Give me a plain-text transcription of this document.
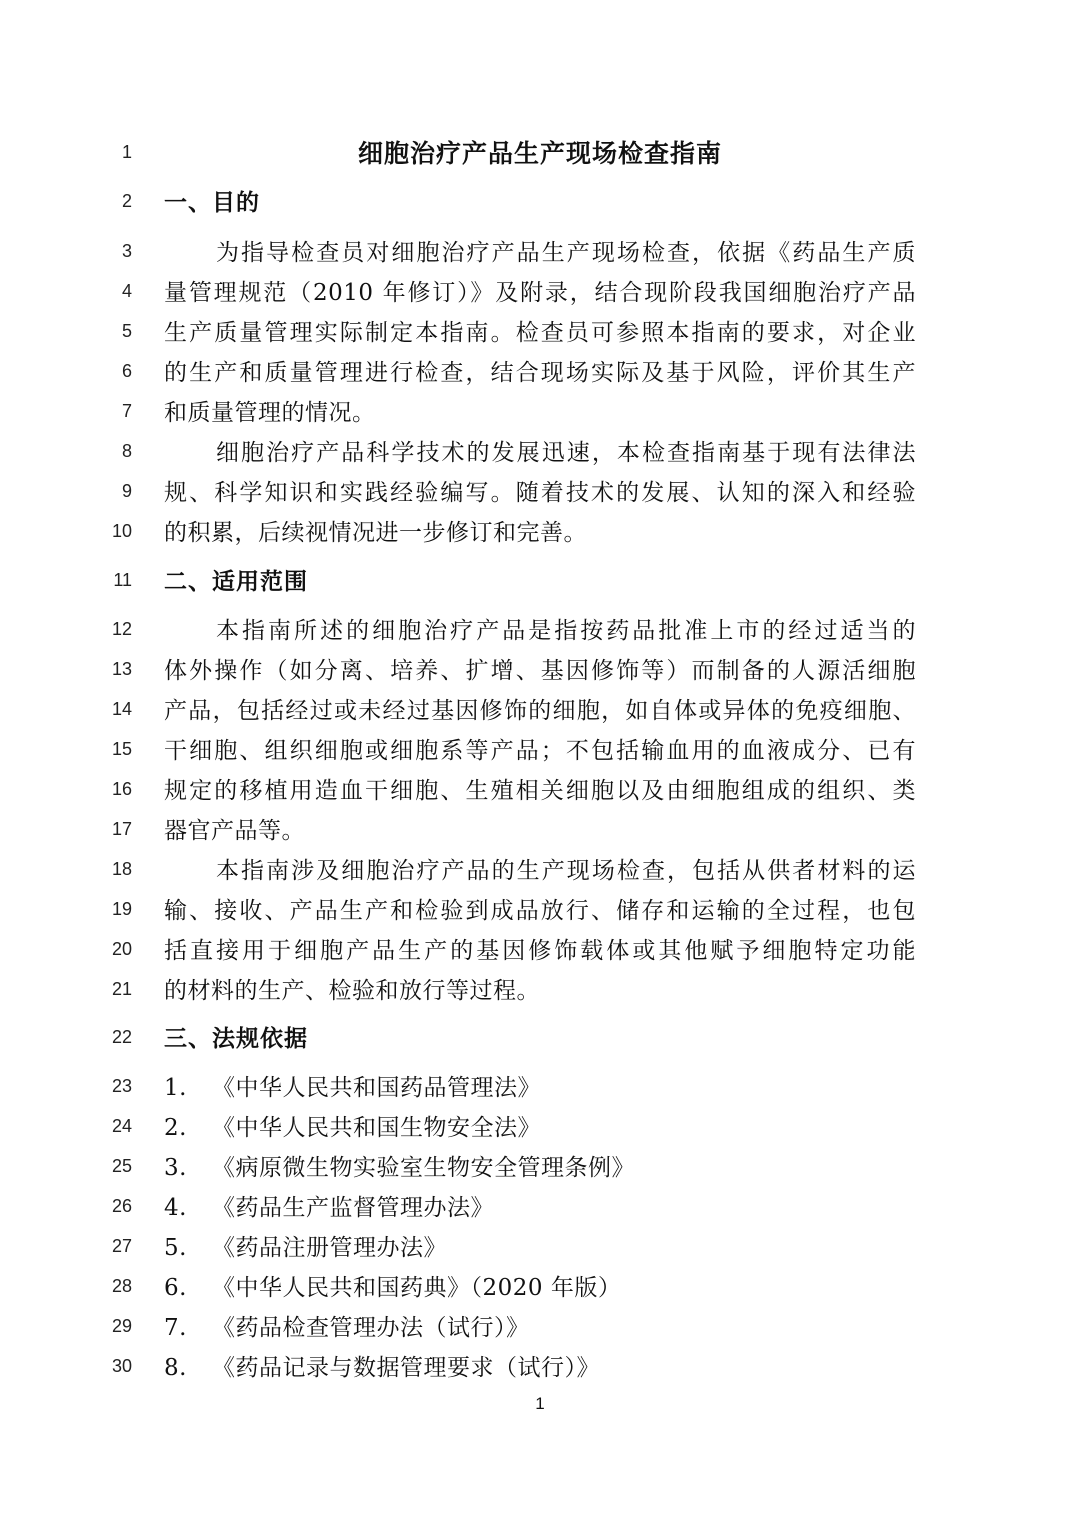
1	细胞治疗产品生产现场检查指南
2 一、目的
3	为指导检查员对细胞治疗产品生产现场检查，依据《药品生产质
4 量管理规范（2010 年修订）》及附录，结合现阶段我国细胞治疗产品
5 生产质量管理实际制定本指南。检查员可参照本指南的要求，对企业
6 的生产和质量管理进行检查，结合现场实际及基于风险，评价其生产
7 和质量管理的情况。
8	细胞治疗产品科学技术的发展迅速，本检查指南基于现有法律法
9 规、科学知识和实践经验编写。随着技术的发展、认知的深入和经验
10 的积累，后续视情况进一步修订和完善。
11 二、适用范围
12	本指南所述的细胞治疗产品是指按药品批准上市的经过适当的
13 体外操作（如分离、培养、扩增、基因修饰等）而制备的人源活细胞
14 产品，包括经过或未经过基因修饰的细胞，如自体或异体的免疫细胞、
15 干细胞、组织细胞或细胞系等产品；不包括输血用的血液成分、已有
16 规定的移植用造血干细胞、生殖相关细胞以及由细胞组成的组织、类
17 器官产品等。
18	本指南涉及细胞治疗产品的生产现场检查，包括从供者材料的运
19 输、接收、产品生产和检验到成品放行、储存和运输的全过程，也包
20 括直接用于细胞产品生产的基因修饰载体或其他赋予细胞特定功能
21 的材料的生产、检验和放行等过程。
22 三、法规依据
23 1. 《中华人民共和国药品管理法》
24 2. 《中华人民共和国生物安全法》
25 3. 《病原微生物实验室生物安全管理条例》
26 4. 《药品生产监督管理办法》
27 5. 《药品注册管理办法》
28 6. 《中华人民共和国药典》（2020 年版）
29 7. 《药品检查管理办法（试行）》
30 8. 《药品记录与数据管理要求（试行）》
1
